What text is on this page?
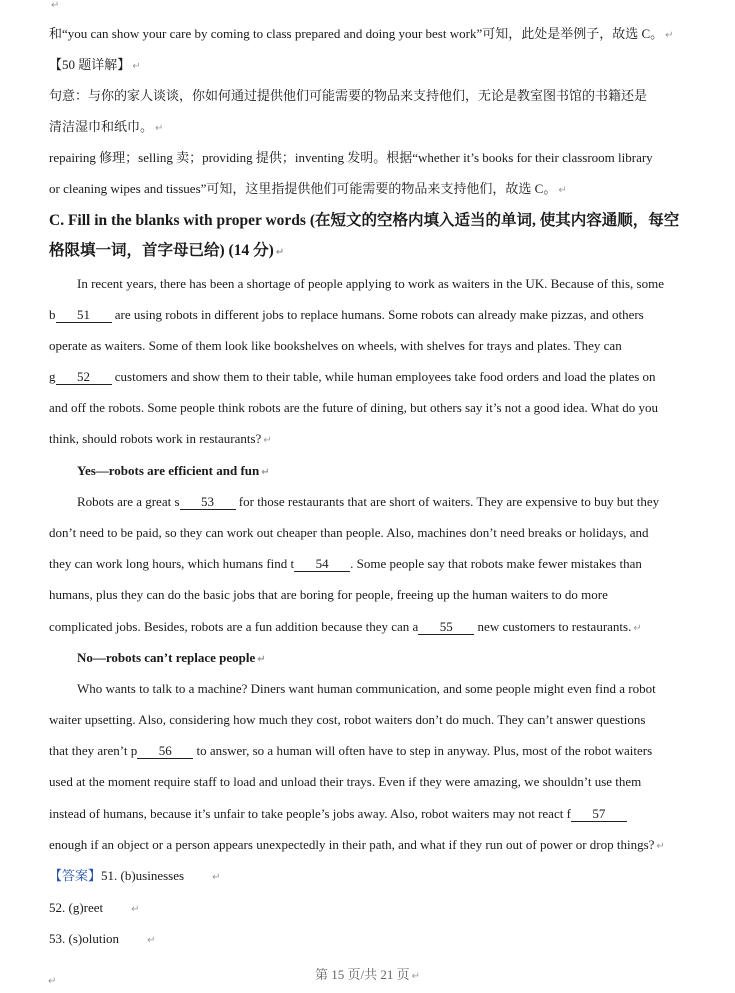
↵
和“you can show your care by coming to class prepared and doing your best work”可知，此处是举例子，故选 C。 ↵
【50 题详解】 ↵
句意：与你的家人谈谈，你如何通过提供他们可能需要的物品来支持他们，无论是教室图书馆的书籍还是
清洁湿巾和纸巾。 ↵
repairing 修理；selling 卖；providing 提供；inventing 发明。根据“whether it’s books for their classroom library
or cleaning wipes and tissues”可知，这里指提供他们可能需要的物品来支持他们，故选 C。 ↵
C. Fill in the blanks with proper words (在短文的空格内填入适当的单词, 使其内容通顺，每空
格限填一词，首字母已给) (14 分) ↵
In recent years, there has been a shortage of people applying to work as waiters in the UK. Because of this, some
b 51 are using robots in different jobs to replace humans. Some robots can already make pizzas, and others
operate as waiters. Some of them look like bookshelves on wheels, with shelves for trays and plates. They can
g 52 customers and show them to their table, while human employees take food orders and load the plates on
and off the robots. Some people think robots are the future of dining, but others say it’s not a good idea. What do you
think, should robots work in restaurants? ↵
Yes—robots are efficient and fun ↵
Robots are a great s 53 for those restaurants that are short of waiters. They are expensive to buy but they
don’t need to be paid, so they can work out cheaper than people. Also, machines don’t need breaks or holidays, and
they can work long hours, which humans find t 54 . Some people say that robots make fewer mistakes than
humans, plus they can do the basic jobs that are boring for people, freeing up the human waiters to do more
complicated jobs. Besides, robots are a fun addition because they can a 55 new customers to restaurants. ↵
No—robots can’t replace people ↵
Who wants to talk to a machine? Diners want human communication, and some people might even find a robot
waiter upsetting. Also, considering how much they cost, robot waiters don’t do much. They can’t answer questions
that they aren’t p 56 to answer, so a human will often have to step in anyway. Plus, most of the robot waiters
used at the moment require staff to load and unload their trays. Even if they were amazing, we shouldn’t use them
instead of humans, because it’s unfair to take people’s jobs away. Also, robot waiters may not react f 57
enough if an object or a person appears unexpectedly in their path, and what if they run out of power or drop things? ↵
【答案】51. (b)usinesses	↵
52. (g)reet	↵
53. (s)olution	↵
第 15 页/共 21 页 ↵
↵
